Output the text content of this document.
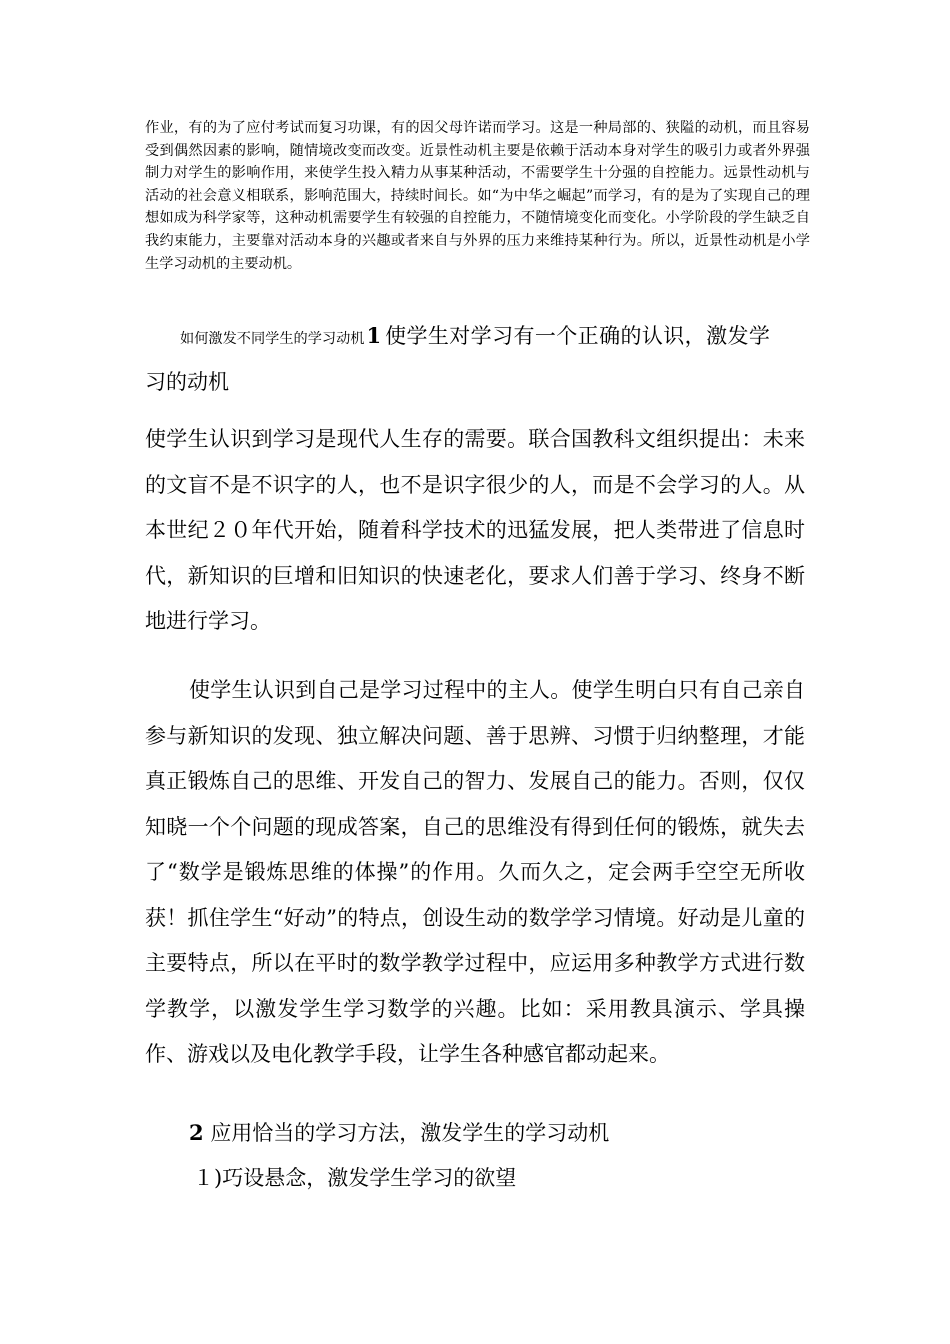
作业，有的为了应付考试而复习功课，有的因父母许诺而学习。这是一种局部的、狭隘的动机，而且容易受到偶然因素的影响，随情境改变而改变。近景性动机主要是依赖于活动本身对学生的吸引力或者外界强制力对学生的影响作用，来使学生投入精力从事某种活动，不需要学生十分强的自控能力。远景性动机与活动的社会意义相联系，影响范围大，持续时间长。如“为中华之崛起”而学习，有的是为了实现自己的理想如成为科学家等，这种动机需要学生有较强的自控能力，不随情境变化而变化。小学阶段的学生缺乏自我约束能力，主要靠对活动本身的兴趣或者来自与外界的压力来维持某种行为。所以，近景性动机是小学生学习动机的主要动机。

如何激发不同学生的学习动机1 使学生对学习有一个正确的认识，激发学

习的动机

使学生认识到学习是现代人生存的需要。联合国教科文组织提出：未来的文盲不是不识字的人，也不是识字很少的人，而是不会学习的人。从本世纪２０年代开始，随着科学技术的迅猛发展，把人类带进了信息时代，新知识的巨增和旧知识的快速老化，要求人们善于学习、终身不断地进行学习。

使学生认识到自己是学习过程中的主人。使学生明白只有自己亲自参与新知识的发现、独立解决问题、善于思辨、习惯于归纳整理，才能真正锻炼自己的思维、开发自己的智力、发展自己的能力。否则，仅仅知晓一个个问题的现成答案，自己的思维没有得到任何的锻炼，就失去了“数学是锻炼思维的体操”的作用。久而久之，定会两手空空无所收获！抓住学生“好动”的特点，创设生动的数学学习情境。好动是儿童的主要特点，所以在平时的数学教学过程中，应运用多种教学方式进行数学教学，以激发学生学习数学的兴趣。比如：采用教具演示、学具操作、游戏以及电化教学手段，让学生各种感官都动起来。

2 应用恰当的学习方法，激发学生的学习动机

１)巧设悬念，激发学生学习的欲望
